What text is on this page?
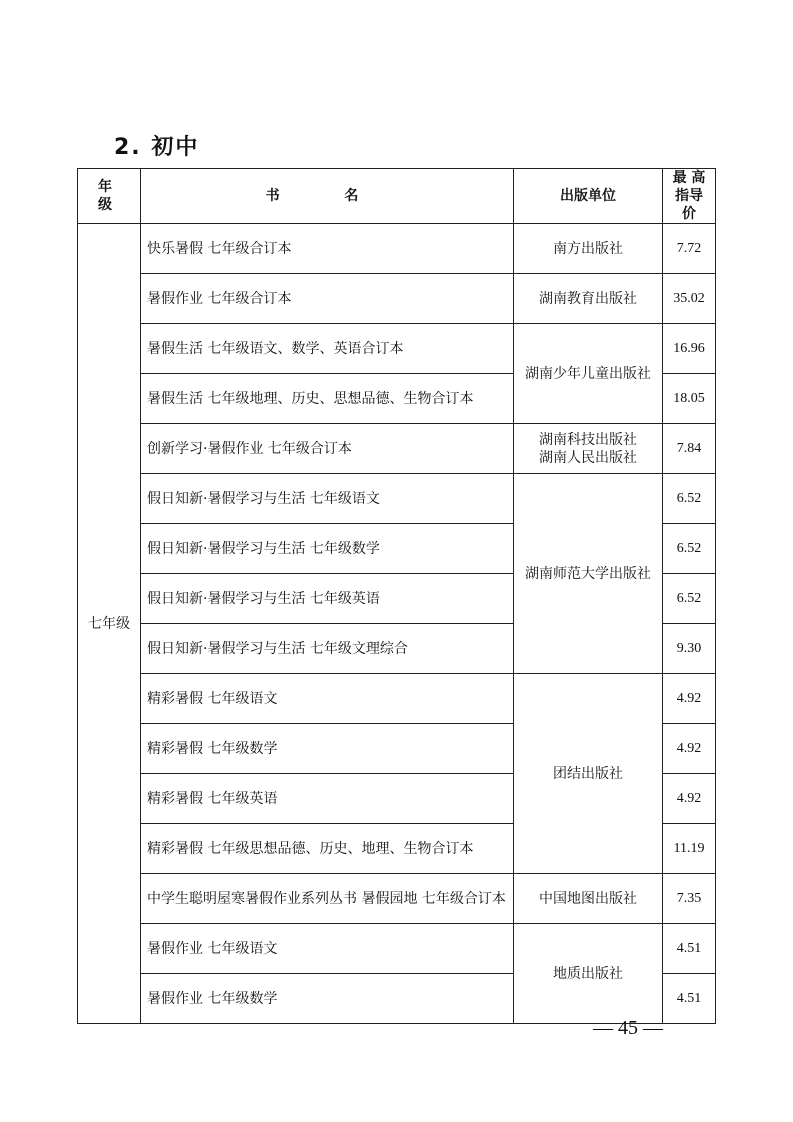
2. 初中
年 级	书 名	出版单位	最 高
指导价

七年级	快乐暑假 七年级合订本	南方出版社	7.72
	暑假作业 七年级合订本	湖南教育出版社	35.02
	暑假生活 七年级语文、数学、英语合订本	湖南少年儿童出版社	16.96
	暑假生活 七年级地理、历史、思想品德、生物合订本		18.05
	创新学习·暑假作业 七年级合订本	湖南科技出版社
湖南人民出版社	7.84
	假日知新·暑假学习与生活 七年级语文	湖南师范大学出版社	6.52
	假日知新·暑假学习与生活 七年级数学		6.52
	假日知新·暑假学习与生活 七年级英语		6.52
	假日知新·暑假学习与生活 七年级文理综合		9.30
	精彩暑假 七年级语文	团结出版社	4.92
	精彩暑假 七年级数学		4.92
	精彩暑假 七年级英语		4.92
	精彩暑假 七年级思想品德、历史、地理、生物合订本		11.19
	中学生聪明屋寒暑假作业系列丛书 暑假园地 七年级合订本	中国地图出版社	7.35
	暑假作业 七年级语文	地质出版社	4.51
	暑假作业 七年级数学		4.51
— 45 —
